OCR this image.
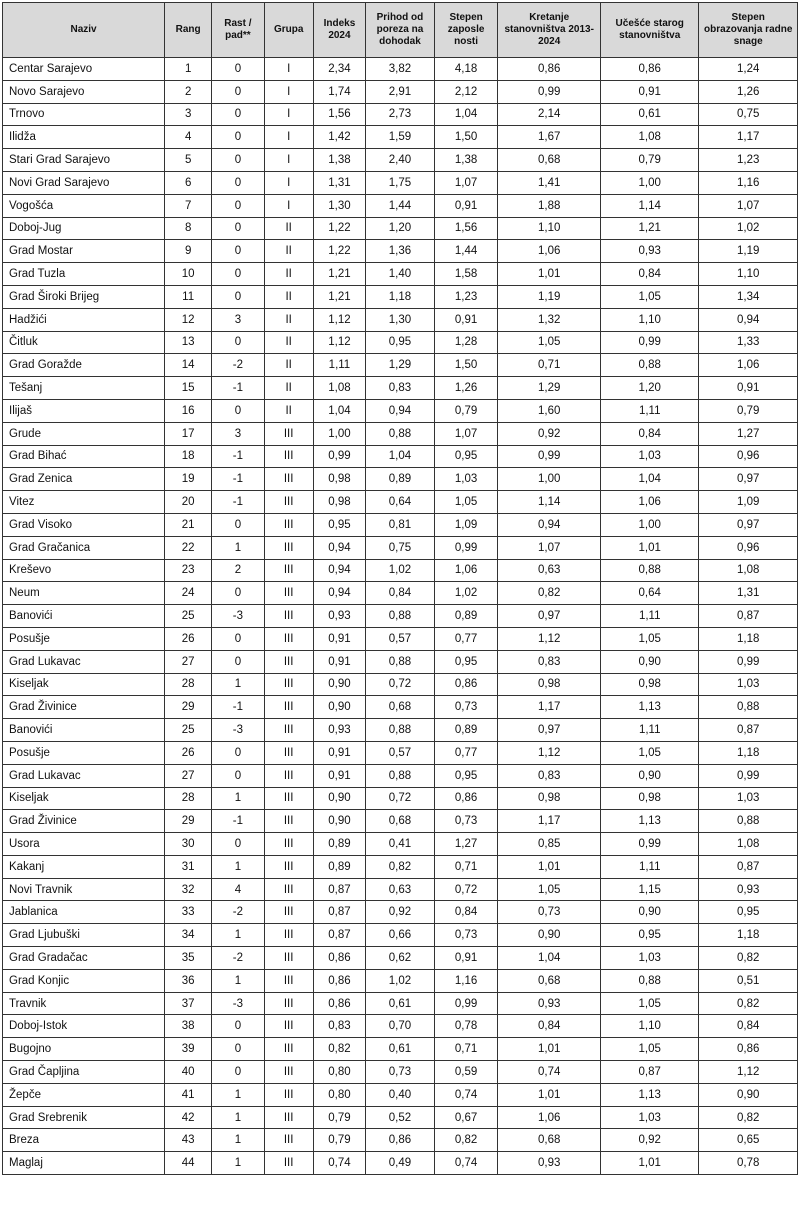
Naziv	Rang	Rast / pad**	Grupa	Indeks 2024	Prihod od poreza na dohodak	Stepen zaposle nosti	Kretanje stanovništva 2013-2024	Učešće starog stanovništva	Stepen obrazovanja radne snage
Centar Sarajevo	1	0	I	2,34	3,82	4,18	0,86	0,86	1,24
Novo Sarajevo	2	0	I	1,74	2,91	2,12	0,99	0,91	1,26
Trnovo	3	0	I	1,56	2,73	1,04	2,14	0,61	0,75
Ilidža	4	0	I	1,42	1,59	1,50	1,67	1,08	1,17
Stari Grad Sarajevo	5	0	I	1,38	2,40	1,38	0,68	0,79	1,23
Novi Grad Sarajevo	6	0	I	1,31	1,75	1,07	1,41	1,00	1,16
Vogošća	7	0	I	1,30	1,44	0,91	1,88	1,14	1,07
Doboj-Jug	8	0	II	1,22	1,20	1,56	1,10	1,21	1,02
Grad Mostar	9	0	II	1,22	1,36	1,44	1,06	0,93	1,19
Grad Tuzla	10	0	II	1,21	1,40	1,58	1,01	0,84	1,10
Grad Široki Brijeg	11	0	II	1,21	1,18	1,23	1,19	1,05	1,34
Hadžići	12	3	II	1,12	1,30	0,91	1,32	1,10	0,94
Čitluk	13	0	II	1,12	0,95	1,28	1,05	0,99	1,33
Grad Goražde	14	-2	II	1,11	1,29	1,50	0,71	0,88	1,06
Tešanj	15	-1	II	1,08	0,83	1,26	1,29	1,20	0,91
Ilijaš	16	0	II	1,04	0,94	0,79	1,60	1,11	0,79
Grude	17	3	III	1,00	0,88	1,07	0,92	0,84	1,27
Grad Bihać	18	-1	III	0,99	1,04	0,95	0,99	1,03	0,96
Grad Zenica	19	-1	III	0,98	0,89	1,03	1,00	1,04	0,97
Vitez	20	-1	III	0,98	0,64	1,05	1,14	1,06	1,09
Grad Visoko	21	0	III	0,95	0,81	1,09	0,94	1,00	0,97
Grad Gračanica	22	1	III	0,94	0,75	0,99	1,07	1,01	0,96
Kreševo	23	2	III	0,94	1,02	1,06	0,63	0,88	1,08
Neum	24	0	III	0,94	0,84	1,02	0,82	0,64	1,31
Banovići	25	-3	III	0,93	0,88	0,89	0,97	1,11	0,87
Posušje	26	0	III	0,91	0,57	0,77	1,12	1,05	1,18
Grad Lukavac	27	0	III	0,91	0,88	0,95	0,83	0,90	0,99
Kiseljak	28	1	III	0,90	0,72	0,86	0,98	0,98	1,03
Grad Živinice	29	-1	III	0,90	0,68	0,73	1,17	1,13	0,88
Banovići	25	-3	III	0,93	0,88	0,89	0,97	1,11	0,87
Posušje	26	0	III	0,91	0,57	0,77	1,12	1,05	1,18
Grad Lukavac	27	0	III	0,91	0,88	0,95	0,83	0,90	0,99
Kiseljak	28	1	III	0,90	0,72	0,86	0,98	0,98	1,03
Grad Živinice	29	-1	III	0,90	0,68	0,73	1,17	1,13	0,88
Usora	30	0	III	0,89	0,41	1,27	0,85	0,99	1,08
Kakanj	31	1	III	0,89	0,82	0,71	1,01	1,11	0,87
Novi Travnik	32	4	III	0,87	0,63	0,72	1,05	1,15	0,93
Jablanica	33	-2	III	0,87	0,92	0,84	0,73	0,90	0,95
Grad Ljubuški	34	1	III	0,87	0,66	0,73	0,90	0,95	1,18
Grad Gradačac	35	-2	III	0,86	0,62	0,91	1,04	1,03	0,82
Grad Konjic	36	1	III	0,86	1,02	1,16	0,68	0,88	0,51
Travnik	37	-3	III	0,86	0,61	0,99	0,93	1,05	0,82
Doboj-Istok	38	0	III	0,83	0,70	0,78	0,84	1,10	0,84
Bugojno	39	0	III	0,82	0,61	0,71	1,01	1,05	0,86
Grad Čapljina	40	0	III	0,80	0,73	0,59	0,74	0,87	1,12
Žepče	41	1	III	0,80	0,40	0,74	1,01	1,13	0,90
Grad Srebrenik	42	1	III	0,79	0,52	0,67	1,06	1,03	0,82
Breza	43	1	III	0,79	0,86	0,82	0,68	0,92	0,65
Maglaj	44	1	III	0,74	0,49	0,74	0,93	1,01	0,78
